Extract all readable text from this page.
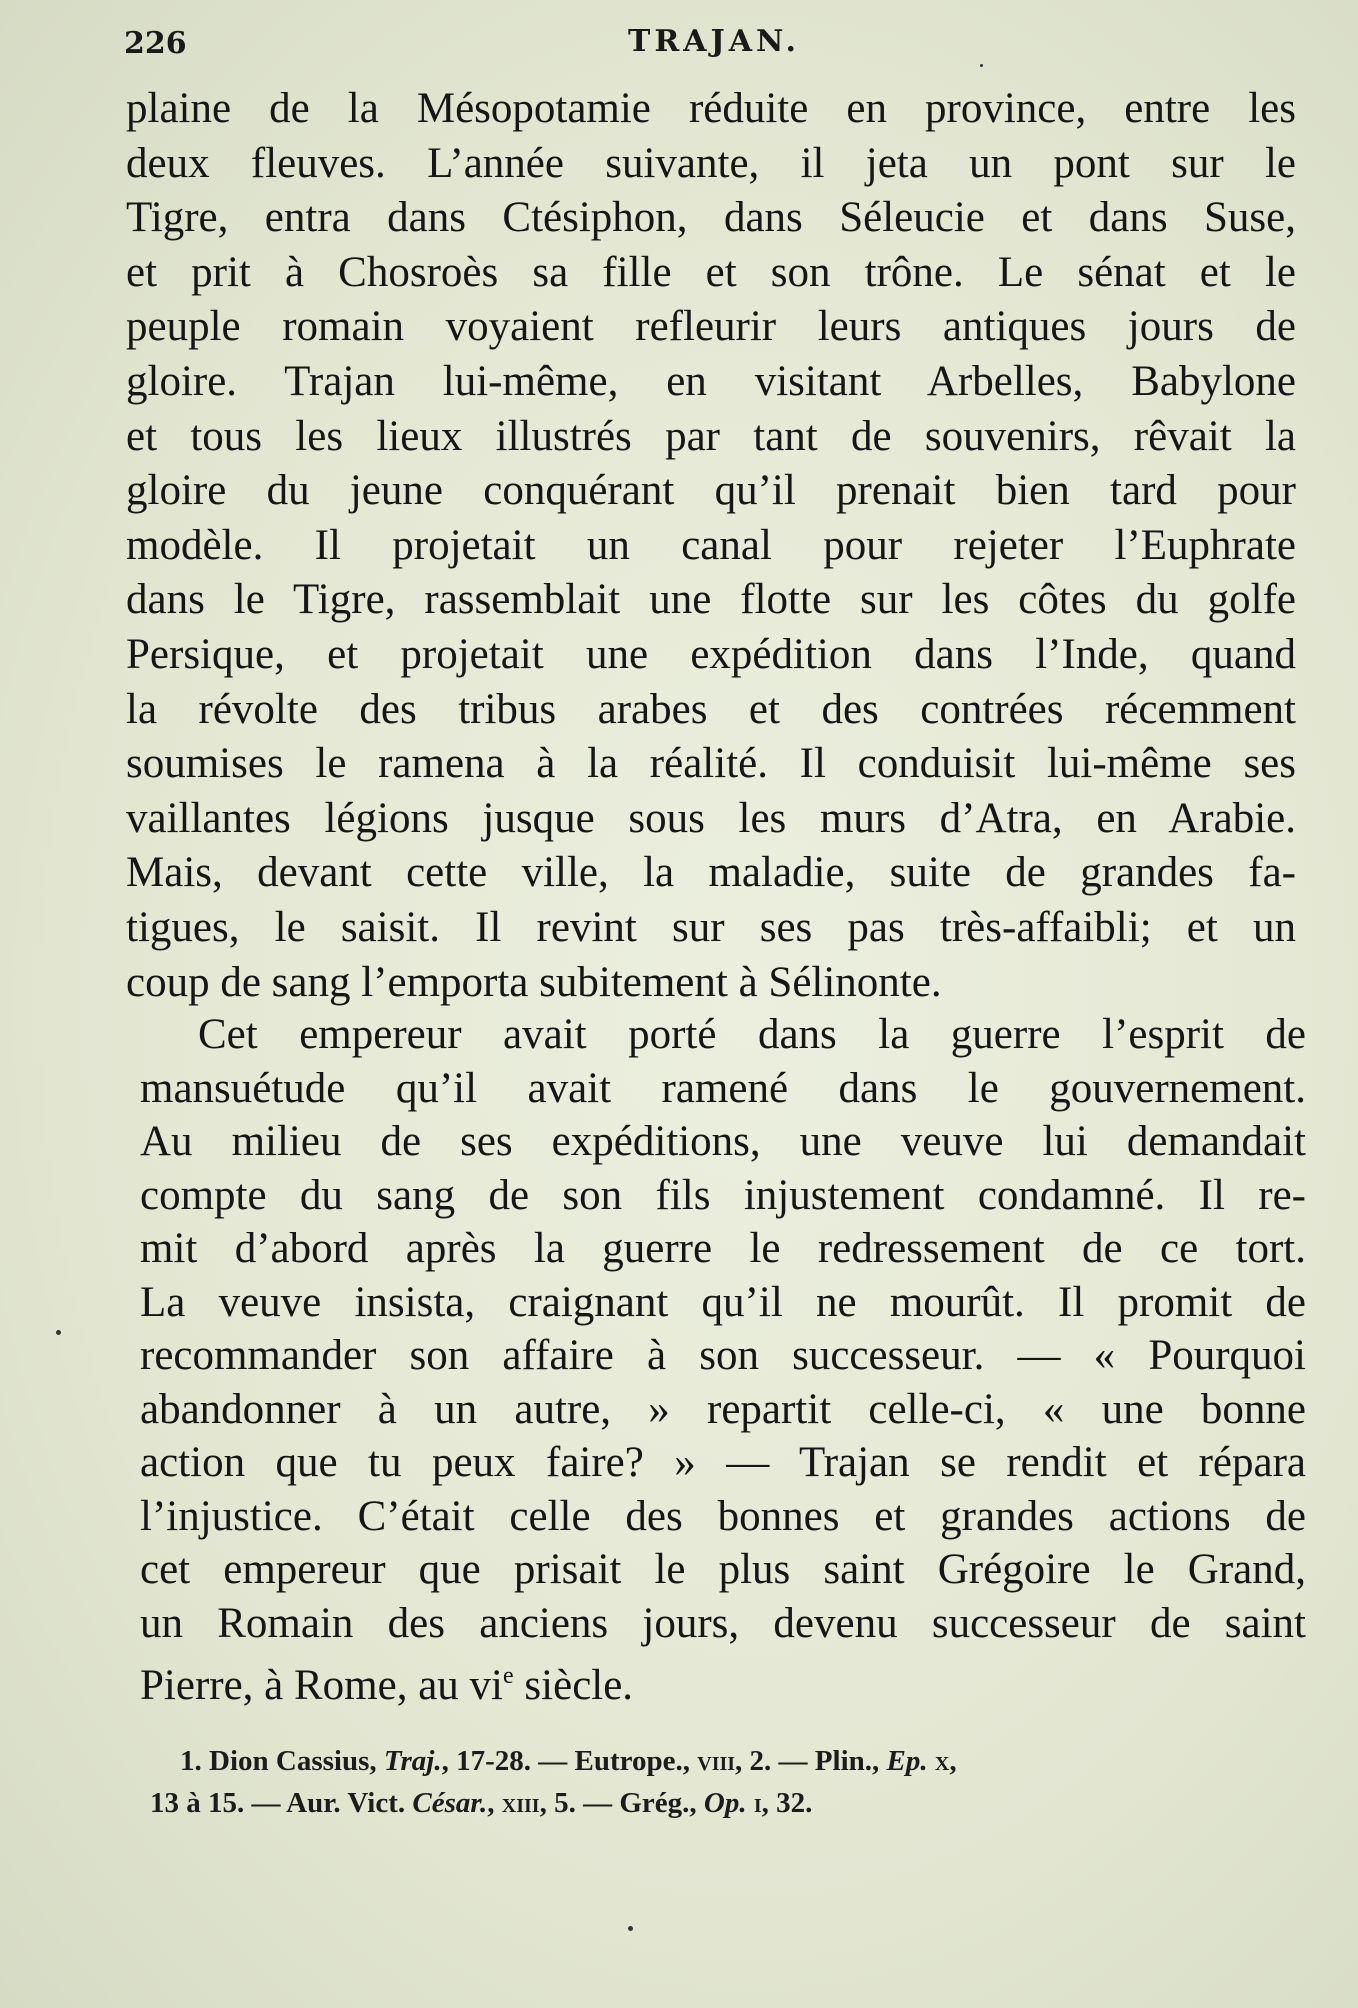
226	TRAJAN.
plaine de la Mésopotamie réduite en province, entre les
deux fleuves. L’année suivante, il jeta un pont sur le
Tigre, entra dans Ctésiphon, dans Séleucie et dans Suse,
et prit à Chosroès sa fille et son trône. Le sénat et le
peuple romain voyaient refleurir leurs antiques jours de
gloire. Trajan lui-même, en visitant Arbelles, Babylone
et tous les lieux illustrés par tant de souvenirs, rêvait la
gloire du jeune conquérant qu’il prenait bien tard pour
modèle. Il projetait un canal pour rejeter l’Euphrate
dans le Tigre, rassemblait une flotte sur les côtes du golfe
Persique, et projetait une expédition dans l’Inde, quand
la révolte des tribus arabes et des contrées récemment
soumises le ramena à la réalité. Il conduisit lui-même ses
vaillantes légions jusque sous les murs d’Atra, en Arabie.
Mais, devant cette ville, la maladie, suite de grandes fa-
tigues, le saisit. Il revint sur ses pas très-affaibli; et un
coup de sang l’emporta subitement à Sélinonte.
Cet empereur avait porté dans la guerre l’esprit de
mansuétude qu’il avait ramené dans le gouvernement.
Au milieu de ses expéditions, une veuve lui demandait
compte du sang de son fils injustement condamné. Il re-
mit d’abord après la guerre le redressement de ce tort.
La veuve insista, craignant qu’il ne mourût. Il promit de
recommander son affaire à son successeur. — « Pourquoi
abandonner à un autre, » repartit celle-ci, « une bonne
action que tu peux faire? » — Trajan se rendit et répara
l’injustice. C’était celle des bonnes et grandes actions de
cet empereur que prisait le plus saint Grégoire le Grand,
un Romain des anciens jours, devenu successeur de saint
Pierre, à Rome, au $vi^e$ siècle.
1. Dion Cassius, Traj., 17-28. — Eutrope., viii, 2. — Plin., Ep. x,
13 à 15. — Aur. Vict. César., xiii, 5. — Grég., Op. i, 32.
